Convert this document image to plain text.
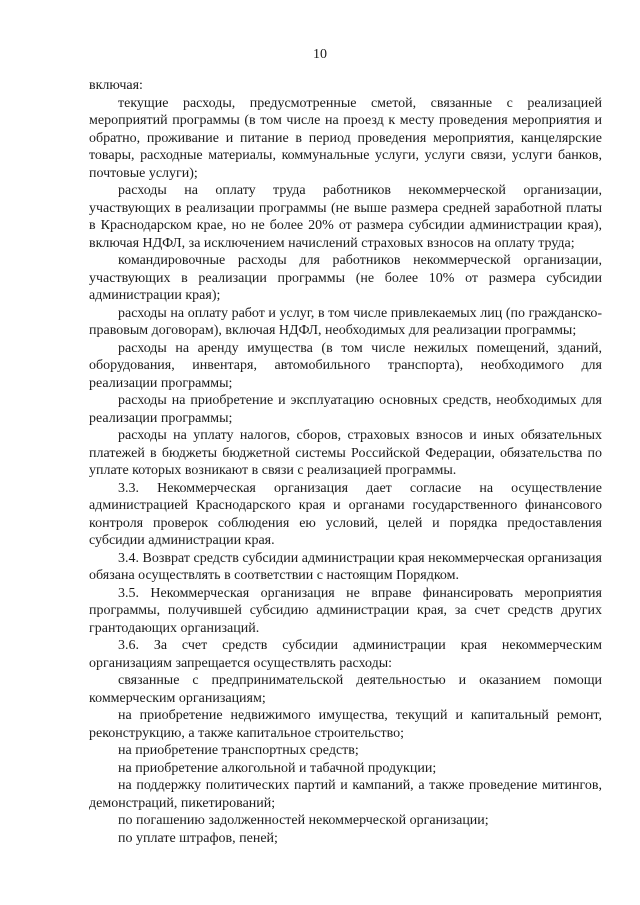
10

включая:

текущие расходы, предусмотренные сметой, связанные с реализацией мероприятий программы (в том числе на проезд к месту проведения мероприятия и обратно, проживание и питание в период проведения мероприятия, канцелярские товары, расходные материалы, коммунальные услуги, услуги связи, услуги банков, почтовые услуги);

расходы на оплату труда работников некоммерческой организации, участвующих в реализации программы (не выше размера средней заработной платы в Краснодарском крае, но не более 20% от размера субсидии администрации края), включая НДФЛ, за исключением начислений страховых взносов на оплату труда;

командировочные расходы для работников некоммерческой организации, участвующих в реализации программы (не более 10% от размера субсидии администрации края);

расходы на оплату работ и услуг, в том числе привлекаемых лиц (по гражданско-правовым договорам), включая НДФЛ, необходимых для реализации программы;

расходы на аренду имущества (в том числе нежилых помещений, зданий, оборудования, инвентаря, автомобильного транспорта), необходимого для реализации программы;

расходы на приобретение и эксплуатацию основных средств, необходимых для реализации программы;

расходы на уплату налогов, сборов, страховых взносов и иных обязательных платежей в бюджеты бюджетной системы Российской Федерации, обязательства по уплате которых возникают в связи с реализацией программы.

3.3. Некоммерческая организация дает согласие на осуществление администрацией Краснодарского края и органами государственного финансового контроля проверок соблюдения ею условий, целей и порядка предоставления субсидии администрации края.

3.4. Возврат средств субсидии администрации края некоммерческая организация обязана осуществлять в соответствии с настоящим Порядком.

3.5. Некоммерческая организация не вправе финансировать мероприятия программы, получившей субсидию администрации края, за счет средств других грантодающих организаций.

3.6. За счет средств субсидии администрации края некоммерческим организациям запрещается осуществлять расходы:

связанные с предпринимательской деятельностью и оказанием помощи коммерческим организациям;

на приобретение недвижимого имущества, текущий и капитальный ремонт, реконструкцию, а также капитальное строительство;

на приобретение транспортных средств;

на приобретение алкогольной и табачной продукции;

на поддержку политических партий и кампаний, а также проведение митингов, демонстраций, пикетирований;

по погашению задолженностей некоммерческой организации;

по уплате штрафов, пеней;
